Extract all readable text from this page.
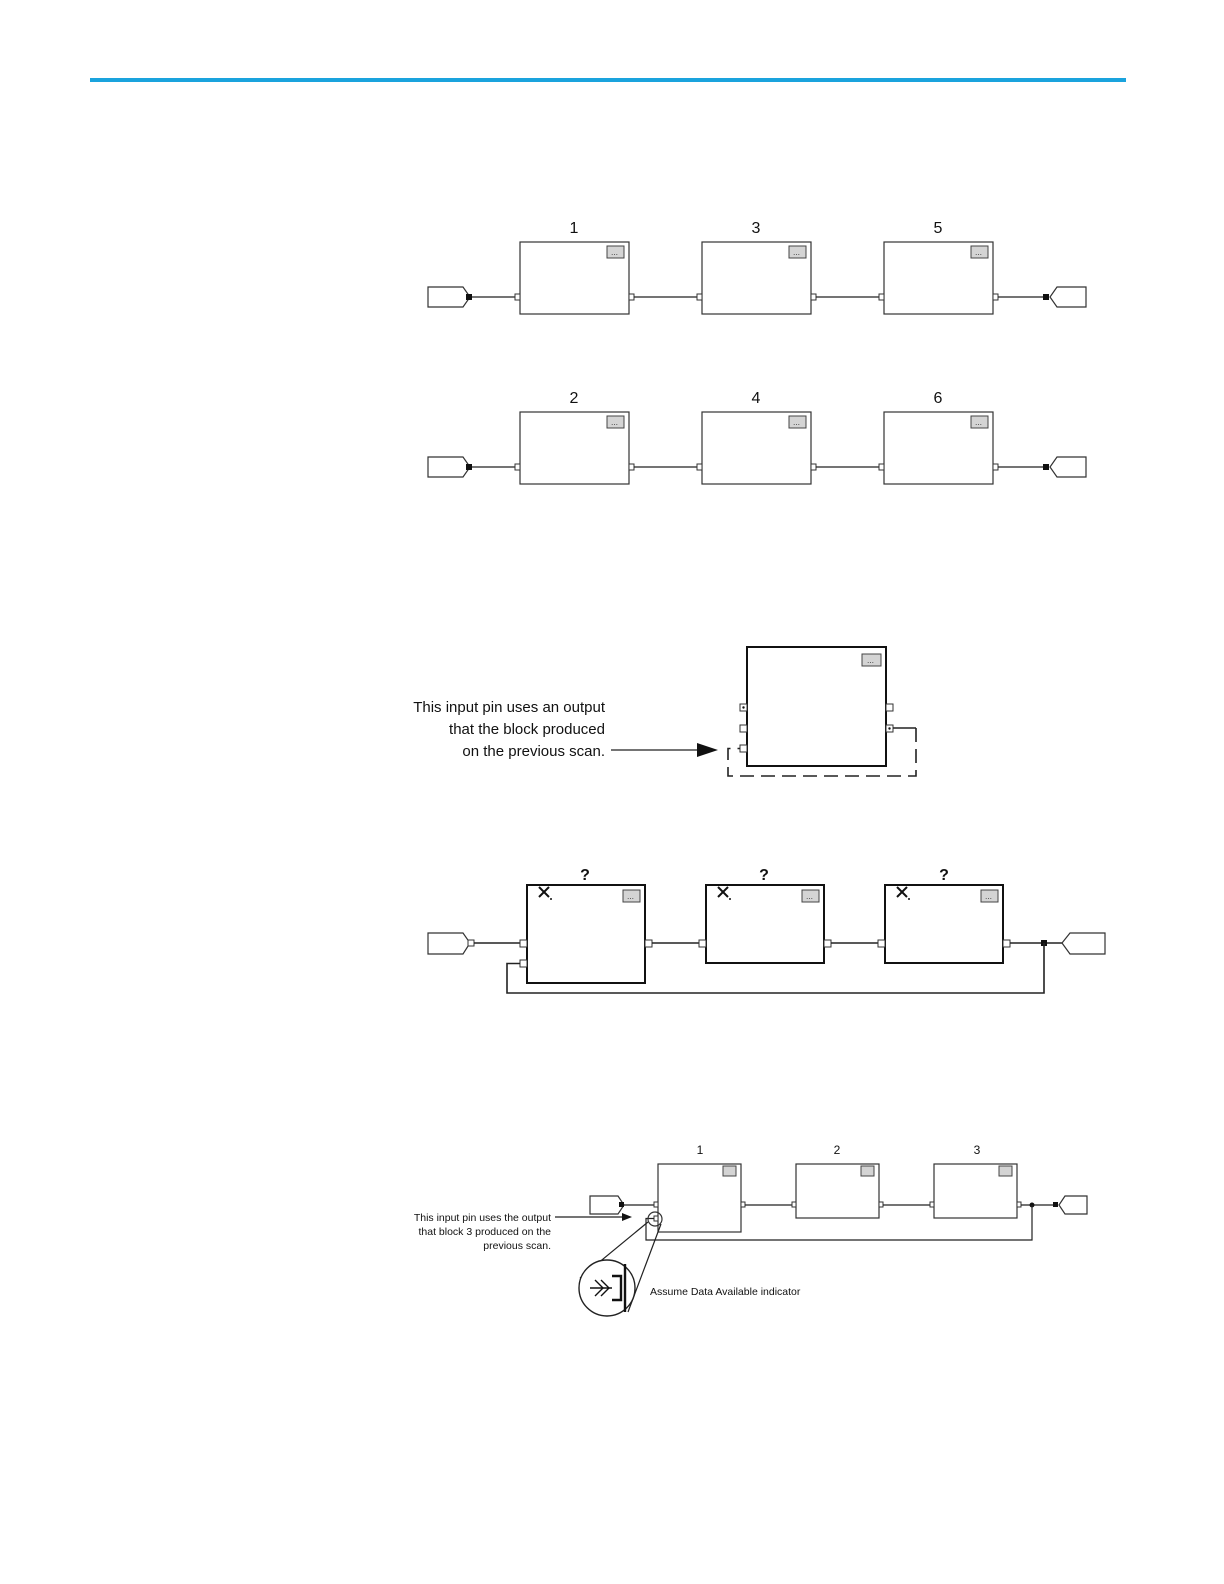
…
1
…
3
…
5
…
2
…
4
…
6
This input pin uses an output
that the block produced
on the previous scan.
…
…
?
…
?
…
?
1	2	3
This input pin uses the output
that block 3 produced on the
previous scan.
Assume Data Available indicator
